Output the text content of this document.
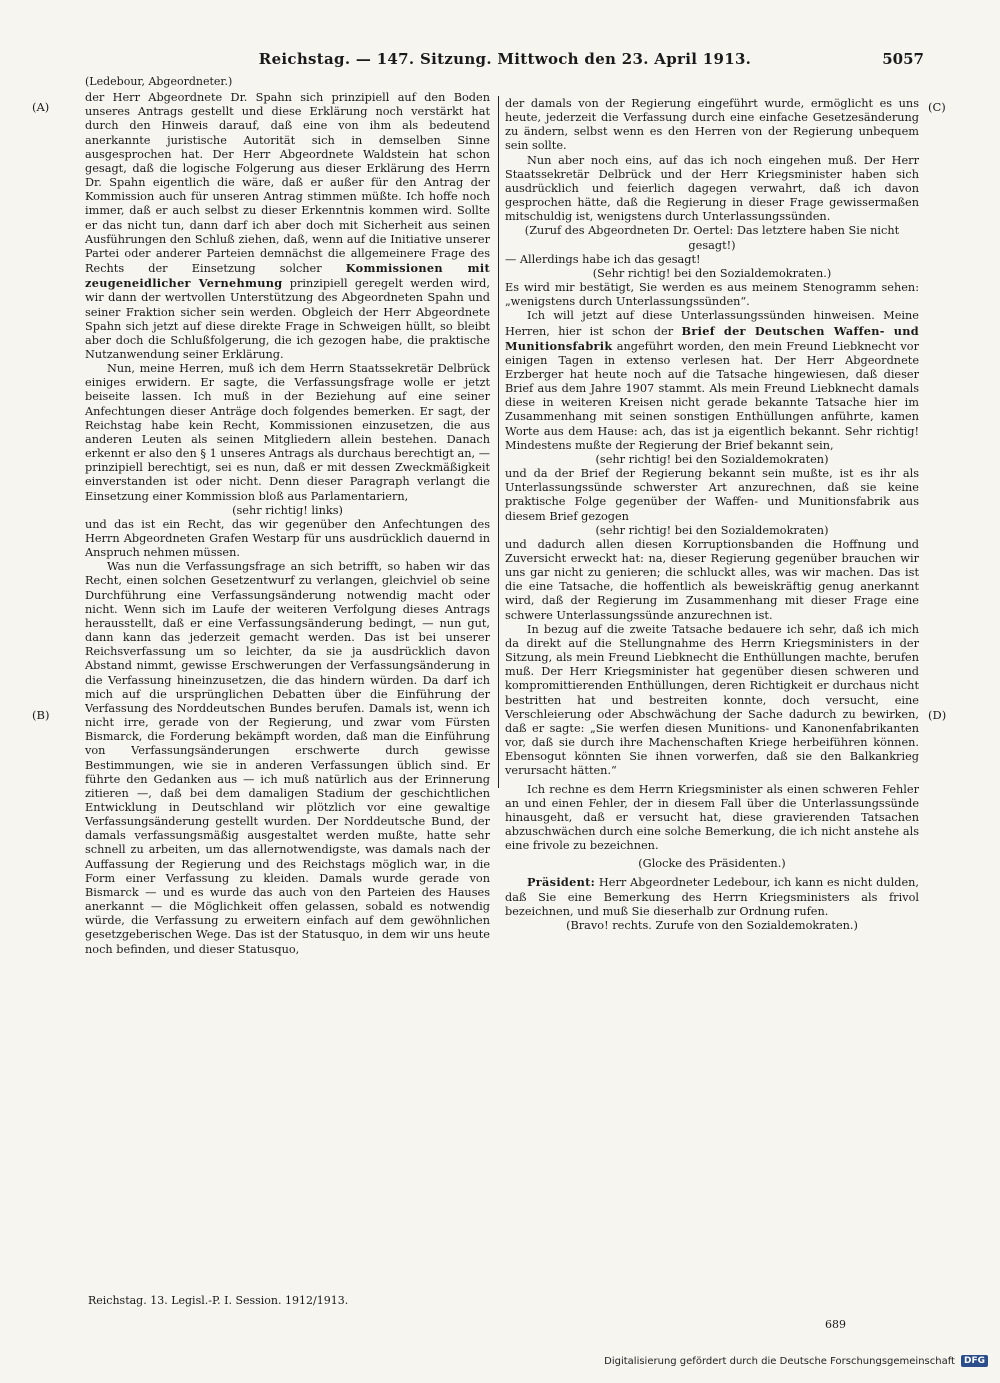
Reichstag. — 147. Sitzung. Mittwoch den 23. April 1913.	5057
(A)
(B)
(C)
(D)
(Ledebour, Abgeordneter.)

der Herr Abgeordnete Dr. Spahn sich prinzipiell auf den Boden unseres Antrags gestellt und diese Erklärung noch verstärkt hat durch den Hinweis darauf, daß eine von ihm als bedeutend anerkannte juristische Autorität sich in demselben Sinne ausgesprochen hat. Der Herr Abgeordnete Waldstein hat schon gesagt, daß die logische Folgerung aus dieser Erklärung des Herrn Dr. Spahn eigentlich die wäre, daß er außer für den Antrag der Kommission auch für unseren Antrag stimmen müßte. Ich hoffe noch immer, daß er auch selbst zu dieser Erkenntnis kommen wird. Sollte er das nicht tun, dann darf ich aber doch mit Sicherheit aus seinen Ausführungen den Schluß ziehen, daß, wenn auf die Initiative unserer Partei oder anderer Parteien demnächst die allgemeinere Frage des Rechts der Einsetzung solcher Kommissionen mit zeugeneidlicher Vernehmung prinzipiell geregelt werden wird, wir dann der wertvollen Unterstützung des Abgeordneten Spahn und seiner Fraktion sicher sein werden. Obgleich der Herr Abgeordnete Spahn sich jetzt auf diese direkte Frage in Schweigen hüllt, so bleibt aber doch die Schlußfolgerung, die ich gezogen habe, die praktische Nutzanwendung seiner Erklärung.

Nun, meine Herren, muß ich dem Herrn Staatssekretär Delbrück einiges erwidern. Er sagte, die Verfassungsfrage wolle er jetzt beiseite lassen. Ich muß in der Beziehung auf eine seiner Anfechtungen dieser Anträge doch folgendes bemerken. Er sagt, der Reichstag habe kein Recht, Kommissionen einzusetzen, die aus anderen Leuten als seinen Mitgliedern allein bestehen. Danach erkennt er also den § 1 unseres Antrags als durchaus berechtigt an, — prinzipiell berechtigt, sei es nun, daß er mit dessen Zweckmäßigkeit einverstanden ist oder nicht. Denn dieser Paragraph verlangt die Einsetzung einer Kommission bloß aus Parlamentariern,

(sehr richtig! links)

und das ist ein Recht, das wir gegenüber den Anfechtungen des Herrn Abgeordneten Grafen Westarp für uns ausdrücklich dauernd in Anspruch nehmen müssen.

Was nun die Verfassungsfrage an sich betrifft, so haben wir das Recht, einen solchen Gesetzentwurf zu verlangen, gleichviel ob seine Durchführung eine Verfassungsänderung notwendig macht oder nicht. Wenn sich im Laufe der weiteren Verfolgung dieses Antrags herausstellt, daß er eine Verfassungsänderung bedingt, — nun gut, dann kann das jederzeit gemacht werden. Das ist bei unserer Reichsverfassung um so leichter, da sie ja ausdrücklich davon Abstand nimmt, gewisse Erschwerungen der Verfassungsänderung in die Verfassung hineinzusetzen, die das hindern würden. Da darf ich mich auf die ursprünglichen Debatten über die Einführung der Verfassung des Norddeutschen Bundes berufen. Damals ist, wenn ich nicht irre, gerade von der Regierung, und zwar vom Fürsten Bismarck, die Forderung bekämpft worden, daß man die Einführung von Verfassungsänderungen erschwerte durch gewisse Bestimmungen, wie sie in anderen Verfassungen üblich sind. Er führte den Gedanken aus — ich muß natürlich aus der Erinnerung zitieren —, daß bei dem damaligen Stadium der geschichtlichen Entwicklung in Deutschland wir plötzlich vor eine gewaltige Verfassungsänderung gestellt wurden. Der Norddeutsche Bund, der damals verfassungsmäßig ausgestaltet werden mußte, hatte sehr schnell zu arbeiten, um das allernotwendigste, was damals nach der Auffassung der Regierung und des Reichstags möglich war, in die Form einer Verfassung zu kleiden. Damals wurde gerade von Bismarck — und es wurde das auch von den Parteien des Hauses anerkannt — die Möglichkeit offen gelassen, sobald es notwendig würde, die Verfassung zu erweitern einfach auf dem gewöhnlichen gesetzgeberischen Wege. Das ist der Statusquo, in dem wir uns heute noch befinden, und dieser Statusquo,

der damals von der Regierung eingeführt wurde, ermöglicht es uns heute, jederzeit die Verfassung durch eine einfache Gesetzesänderung zu ändern, selbst wenn es den Herren von der Regierung unbequem sein sollte.

Nun aber noch eins, auf das ich noch eingehen muß. Der Herr Staatssekretär Delbrück und der Herr Kriegsminister haben sich ausdrücklich und feierlich dagegen verwahrt, daß ich davon gesprochen hätte, daß die Regierung in dieser Frage gewissermaßen mitschuldig ist, wenigstens durch Unterlassungssünden.

(Zuruf des Abgeordneten Dr. Oertel: Das letztere haben Sie nicht gesagt!)

— Allerdings habe ich das gesagt!

(Sehr richtig! bei den Sozialdemokraten.)

Es wird mir bestätigt, Sie werden es aus meinem Stenogramm sehen: „wenigstens durch Unterlassungssünden“.

Ich will jetzt auf diese Unterlassungssünden hinweisen. Meine Herren, hier ist schon der Brief der Deutschen Waffen- und Munitionsfabrik angeführt worden, den mein Freund Liebknecht vor einigen Tagen in extenso verlesen hat. Der Herr Abgeordnete Erzberger hat heute noch auf die Tatsache hingewiesen, daß dieser Brief aus dem Jahre 1907 stammt. Als mein Freund Liebknecht damals diese in weiteren Kreisen nicht gerade bekannte Tatsache hier im Zusammenhang mit seinen sonstigen Enthüllungen anführte, kamen Worte aus dem Hause: ach, das ist ja eigentlich bekannt. Sehr richtig! Mindestens mußte der Regierung der Brief bekannt sein,

(sehr richtig! bei den Sozialdemokraten)

und da der Brief der Regierung bekannt sein mußte, ist es ihr als Unterlassungssünde schwerster Art anzurechnen, daß sie keine praktische Folge gegenüber der Waffen- und Munitionsfabrik aus diesem Brief gezogen

(sehr richtig! bei den Sozialdemokraten)

und dadurch allen diesen Korruptionsbanden die Hoffnung und Zuversicht erweckt hat: na, dieser Regierung gegenüber brauchen wir uns gar nicht zu genieren; die schluckt alles, was wir machen. Das ist die eine Tatsache, die hoffentlich als beweiskräftig genug anerkannt wird, daß der Regierung im Zusammenhang mit dieser Frage eine schwere Unterlassungssünde anzurechnen ist.

In bezug auf die zweite Tatsache bedauere ich sehr, daß ich mich da direkt auf die Stellungnahme des Herrn Kriegsministers in der Sitzung, als mein Freund Liebknecht die Enthüllungen machte, berufen muß. Der Herr Kriegsminister hat gegenüber diesen schweren und kompromittierenden Enthüllungen, deren Richtigkeit er durchaus nicht bestritten hat und bestreiten konnte, doch versucht, eine Verschleierung oder Abschwächung der Sache dadurch zu bewirken, daß er sagte: „Sie werfen diesen Munitions- und Kanonenfabrikanten vor, daß sie durch ihre Machenschaften Kriege herbeiführen können. Ebensogut könnten Sie ihnen vorwerfen, daß sie den Balkankrieg verursacht hätten.“

Ich rechne es dem Herrn Kriegsminister als einen schweren Fehler an und einen Fehler, der in diesem Fall über die Unterlassungssünde hinausgeht, daß er versucht hat, diese gravierenden Tatsachen abzuschwächen durch eine solche Bemerkung, die ich nicht anstehe als eine frivole zu bezeichnen.

(Glocke des Präsidenten.)

Präsident: Herr Abgeordneter Ledebour, ich kann es nicht dulden, daß Sie eine Bemerkung des Herrn Kriegsministers als frivol bezeichnen, und muß Sie dieserhalb zur Ordnung rufen.

(Bravo! rechts. Zurufe von den Sozialdemokraten.)

Reichstag. 13. Legisl.-P. I. Session. 1912/1913.
689
Digitalisierung gefördert durch die Deutsche Forschungsgemeinschaft	DFG
